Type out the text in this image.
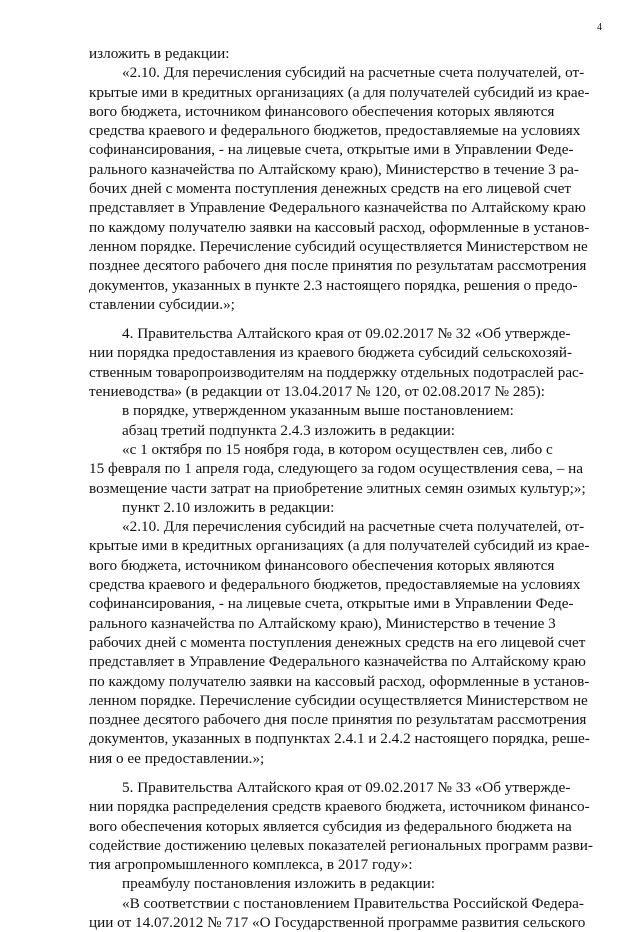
4

изложить в редакции:

«2.10. Для перечисления субсидий на расчетные счета получателей, от-
крытые ими в кредитных организациях (а для получателей субсидий из крае-
вого бюджета, источником финансового обеспечения которых являются
средства краевого и федерального бюджетов, предоставляемые на условиях
софинансирования, - на лицевые счета, открытые ими в Управлении Феде-
рального казначейства по Алтайскому краю), Министерство в течение 3 ра-
бочих дней с момента поступления денежных средств на его лицевой счет
представляет в Управление Федерального казначейства по Алтайскому краю
по каждому получателю заявки на кассовый расход, оформленные в установ-
ленном порядке. Перечисление субсидий осуществляется Министерством не
позднее десятого рабочего дня после принятия по результатам рассмотрения
документов, указанных в пункте 2.3 настоящего порядка, решения о предо-
ставлении субсидии.»;

4. Правительства Алтайского края от 09.02.2017 № 32 «Об утвержде-
нии порядка предоставления из краевого бюджета субсидий сельскохозяй-
ственным товаропроизводителям на поддержку отдельных подотраслей рас-
тениеводства» (в редакции от 13.04.2017 № 120, от 02.08.2017 № 285):

в порядке, утвержденном указанным выше постановлением:

абзац третий подпункта 2.4.3 изложить в редакции:

«с 1 октября по 15 ноября года, в котором осуществлен сев, либо с
15 февраля по 1 апреля года, следующего за годом осуществления сева, – на
возмещение части затрат на приобретение элитных семян озимых культур;»;

пункт 2.10 изложить в редакции:

«2.10. Для перечисления субсидий на расчетные счета получателей, от-
крытые ими в кредитных организациях (а для получателей субсидий из крае-
вого бюджета, источником финансового обеспечения которых являются
средства краевого и федерального бюджетов, предоставляемые на условиях
софинансирования, - на лицевые счета, открытые ими в Управлении Феде-
рального казначейства по Алтайскому краю), Министерство в течение 3
рабочих дней с момента поступления денежных средств на его лицевой счет
представляет в Управление Федерального казначейства по Алтайскому краю
по каждому получателю заявки на кассовый расход, оформленные в установ-
ленном порядке. Перечисление субсидии осуществляется Министерством не
позднее десятого рабочего дня после принятия по результатам рассмотрения
документов, указанных в подпунктах 2.4.1 и 2.4.2 настоящего порядка, реше-
ния о ее предоставлении.»;

5. Правительства Алтайского края от 09.02.2017 № 33 «Об утвержде-
нии порядка распределения средств краевого бюджета, источником финансо-
вого обеспечения которых является субсидия из федерального бюджета на
содействие достижению целевых показателей региональных программ разви-
тия агропромышленного комплекса, в 2017 году»:

преамбулу постановления изложить в редакции:

«В соответствии с постановлением Правительства Российской Федера-
ции от 14.07.2012 № 717 «О Государственной программе развития сельского
